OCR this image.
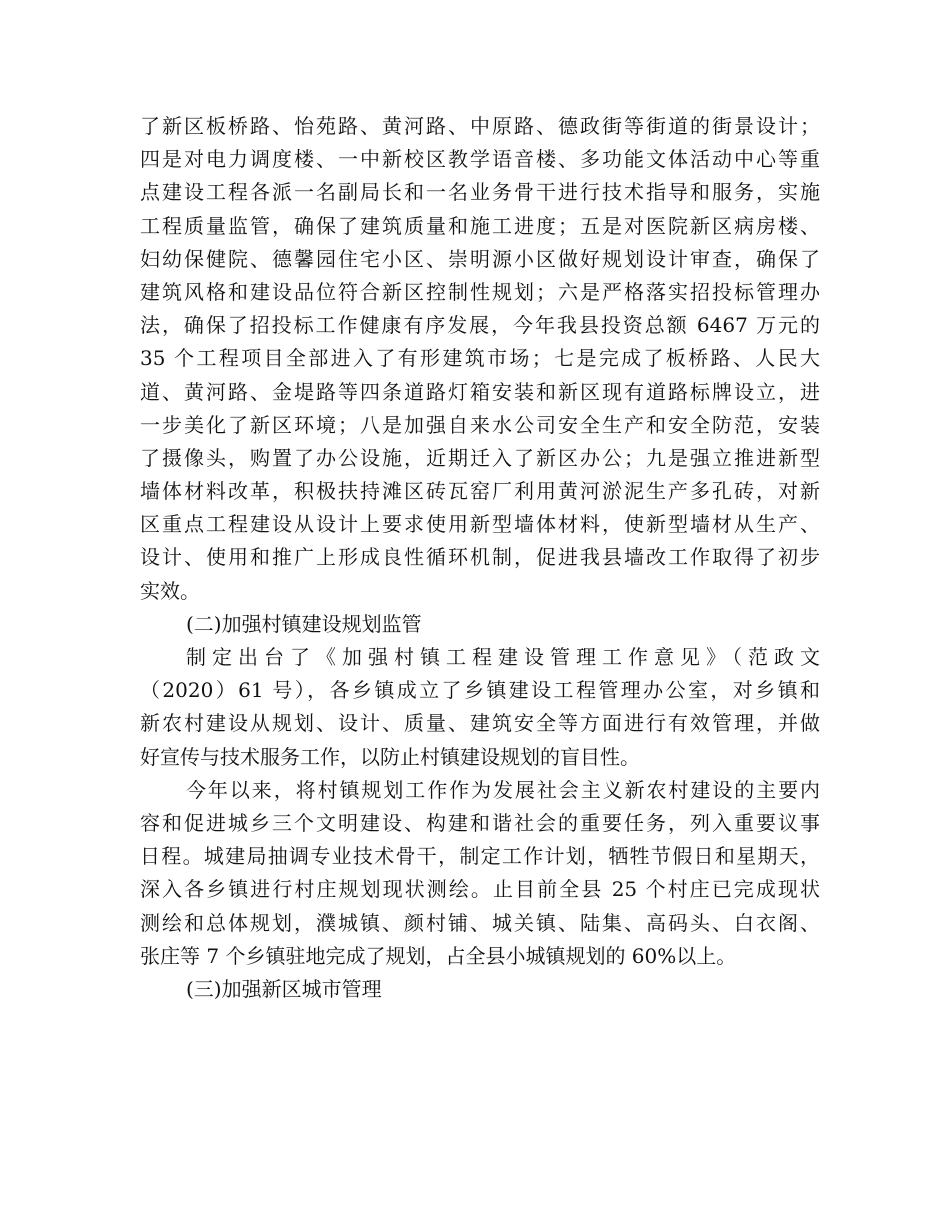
了新区板桥路、怡苑路、黄河路、中原路、德政街等街道的街景设计；
四是对电力调度楼、一中新校区教学语音楼、多功能文体活动中心等重
点建设工程各派一名副局长和一名业务骨干进行技术指导和服务，实施
工程质量监管，确保了建筑质量和施工进度；五是对医院新区病房楼、
妇幼保健院、德馨园住宅小区、崇明源小区做好规划设计审查，确保了
建筑风格和建设品位符合新区控制性规划；六是严格落实招投标管理办
法，确保了招投标工作健康有序发展，今年我县投资总额 6467 万元的
35 个工程项目全部进入了有形建筑市场；七是完成了板桥路、人民大
道、黄河路、金堤路等四条道路灯箱安装和新区现有道路标牌设立，进
一步美化了新区环境；八是加强自来水公司安全生产和安全防范，安装
了摄像头，购置了办公设施，近期迁入了新区办公；九是强立推进新型
墙体材料改革，积极扶持滩区砖瓦窑厂利用黄河淤泥生产多孔砖，对新
区重点工程建设从设计上要求使用新型墙体材料，使新型墙材从生产、
设计、使用和推广上形成良性循环机制，促进我县墙改工作取得了初步
实效。
(二)加强村镇建设规划监管
制定出台了《加强村镇工程建设管理工作意见》（范政文
（2020）61 号），各乡镇成立了乡镇建设工程管理办公室，对乡镇和
新农村建设从规划、设计、质量、建筑安全等方面进行有效管理，并做
好宣传与技术服务工作，以防止村镇建设规划的盲目性。
今年以来，将村镇规划工作作为发展社会主义新农村建设的主要内
容和促进城乡三个文明建设、构建和谐社会的重要任务，列入重要议事
日程。城建局抽调专业技术骨干，制定工作计划，牺牲节假日和星期天，
深入各乡镇进行村庄规划现状测绘。止目前全县 25 个村庄已完成现状
测绘和总体规划，濮城镇、颜村铺、城关镇、陆集、高码头、白衣阁、
张庄等 7 个乡镇驻地完成了规划，占全县小城镇规划的 60%以上。
(三)加强新区城市管理
